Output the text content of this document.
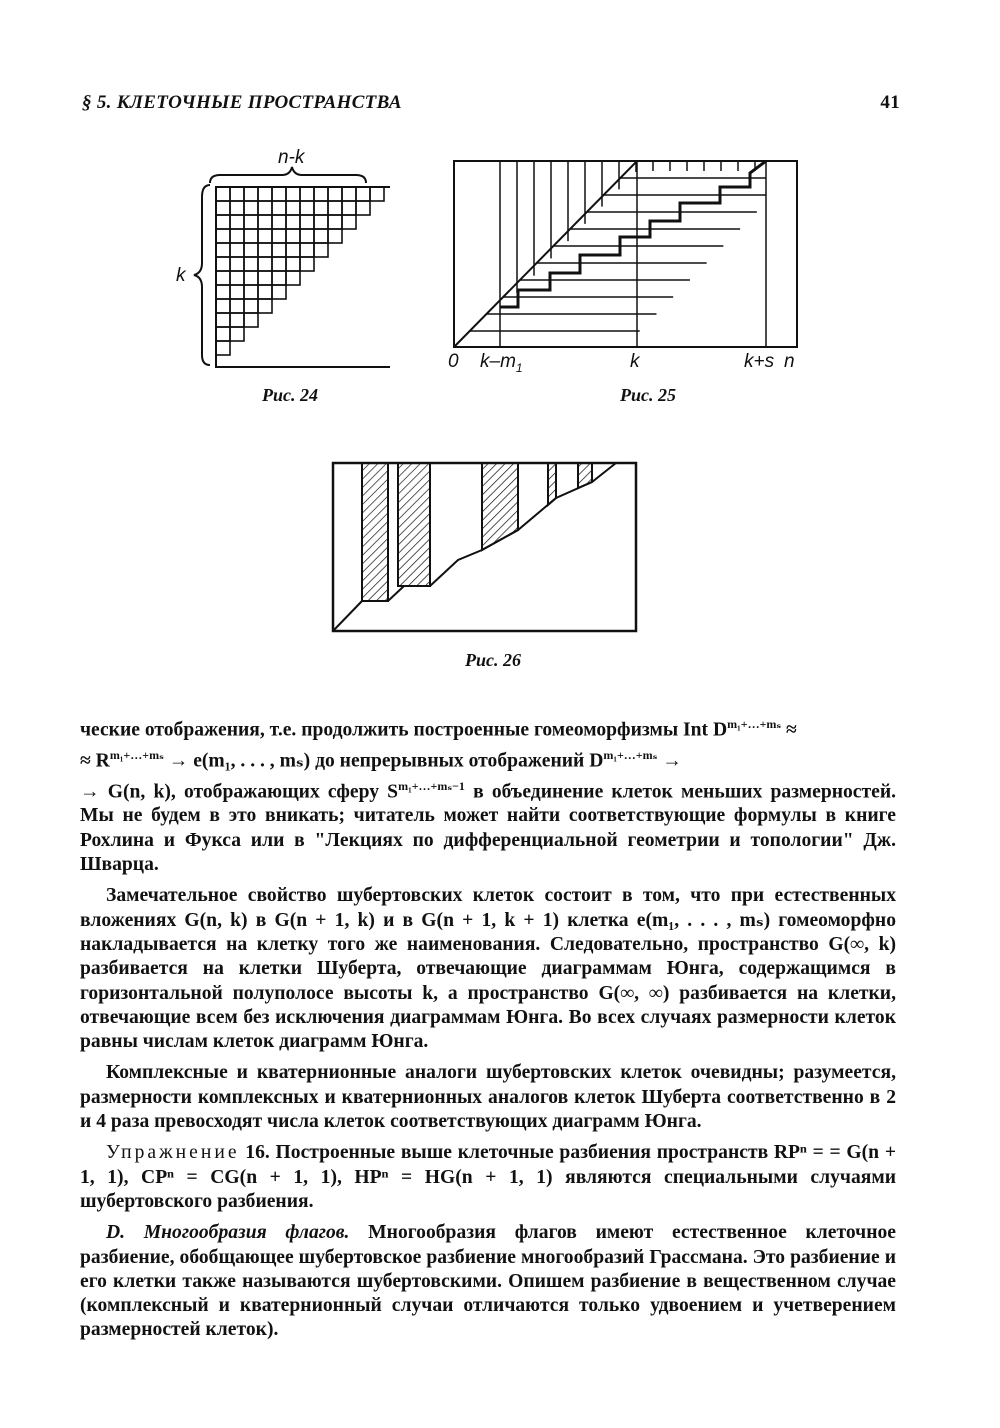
§ 5. КЛЕТОЧНЫЕ ПРОСТРАНСТВА	41
n-k
k
Рис. 24
0 $k-m_1$	k	k+s n
Рис. 25
Рис. 26

ческие отображения, т.е. продолжить построенные гомеоморфизмы Int $D^{m_1+\dots+m_s}$ ≈
≈ $R^{m_1+\dots+m_s} \to e(m_1$, . . . , mₛ) до непрерывных отображений $D^{m_1+\dots+m_s}$ →
→ G(n, k), отображающих сферу $S^{m_1+\dots+m_s-1}$ в объединение клеток меньших размерностей. Мы не будем в это вникать; читатель может найти соответствующие формулы в книге Рохлина и Фукса или в "Лекциях по дифференциальной геометрии и топологии" Дж. Шварца.

Замечательное свойство шубертовских клеток состоит в том, что при естественных вложениях G(n, k) в G(n + 1, k) и в G(n + 1, k + 1) клетка e(m₁, . . . , mₛ) гомеоморфно накладывается на клетку того же наименования. Следовательно, пространство G(∞, k) разбивается на клетки Шуберта, отвечающие диаграммам Юнга, содержащимся в горизонтальной полуполосе высоты k, а пространство G(∞, ∞) разбивается на клетки, отвечающие всем без исключения диаграммам Юнга. Во всех случаях размерности клеток равны числам клеток диаграмм Юнга.

Комплексные и кватернионные аналоги шубертовских клеток очевидны; разумеется, размерности комплексных и кватернионных аналогов клеток Шуберта соответственно в 2 и 4 раза превосходят числа клеток соответствующих диаграмм Юнга.

Упражнение 16. Построенные выше клеточные разбиения пространств RPⁿ = = G(n + 1, 1), CPⁿ = CG(n + 1, 1), HPⁿ = HG(n + 1, 1) являются специальными случаями шубертовского разбиения.

D. Многообразия флагов. Многообразия флагов имеют естественное клеточное разбиение, обобщающее шубертовское разбиение многообразий Грассмана. Это разбиение и его клетки также называются шубертовскими. Опишем разбиение в вещественном случае (комплексный и кватернионный случаи отличаются только удвоением и учетверением размерностей клеток).
